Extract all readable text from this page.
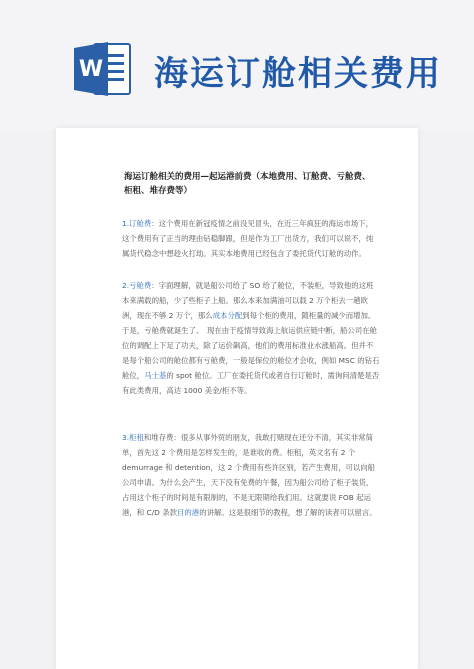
W 海运订舱相关费用
海运订舱相关的费用—起运港前费（本地费用、订舱费、亏舱费、
柜租、堆存费等）
1.订舱费：这个费用在新冠疫情之前没见冒头，在近三年疯狂的海运市场下，这个费用有了正当的理由钻稳脚跟，但是作为工厂出货方，我们可以说不，纯属货代稳念中想趁火打劫。其实本地费用已经包含了委托货代订舱的动作。
2.亏舱费：字面理解，就是船公司给了 SO 给了舱位，不装柜，导致他的这班本来满载的船，少了些柜子上船。那么本来加满油可以载 2 万个柜去一趟欧洲，现在不够 2 万个，那么成本分配到每个柜的费用，随柜量的减少而增加。于是，亏舱费就诞生了。　现在由于疫情导致海上航运供应链中断，船公司在舱位的调配上下足了功夫，除了运价飙高，他们的费用标准业水涨船高。但并不是每个船公司的舱位都有亏舱费，一般是保位的舱位才会收，例如 MSC 的钻石舱位，马士基的 spot 舱位。工厂在委托货代或者自行订舱时，需询问清楚是否有此类费用，高达 1000 美金/柜不等。
3.柜租和堆存费：很多从事外贸的朋友，我敢打赌现在还分不清，其实非常简单，首先这 2 个费用是怎样发生的，是谁收的费。柜租，英文名有 2 个 demurrage 和 detention，这 2 个费用有些许区别，若产生费用，可以向船公司申请。为什么会产生，天下没有免费的午餐，因为船公司给了柜子装货，占用这个柜子的时间是有限制的，不是无限期给我们用。这就要说 FOB 起运港，和 C/D 条款目的港的讲解。这是很细节的教程，想了解的读者可以留言。
